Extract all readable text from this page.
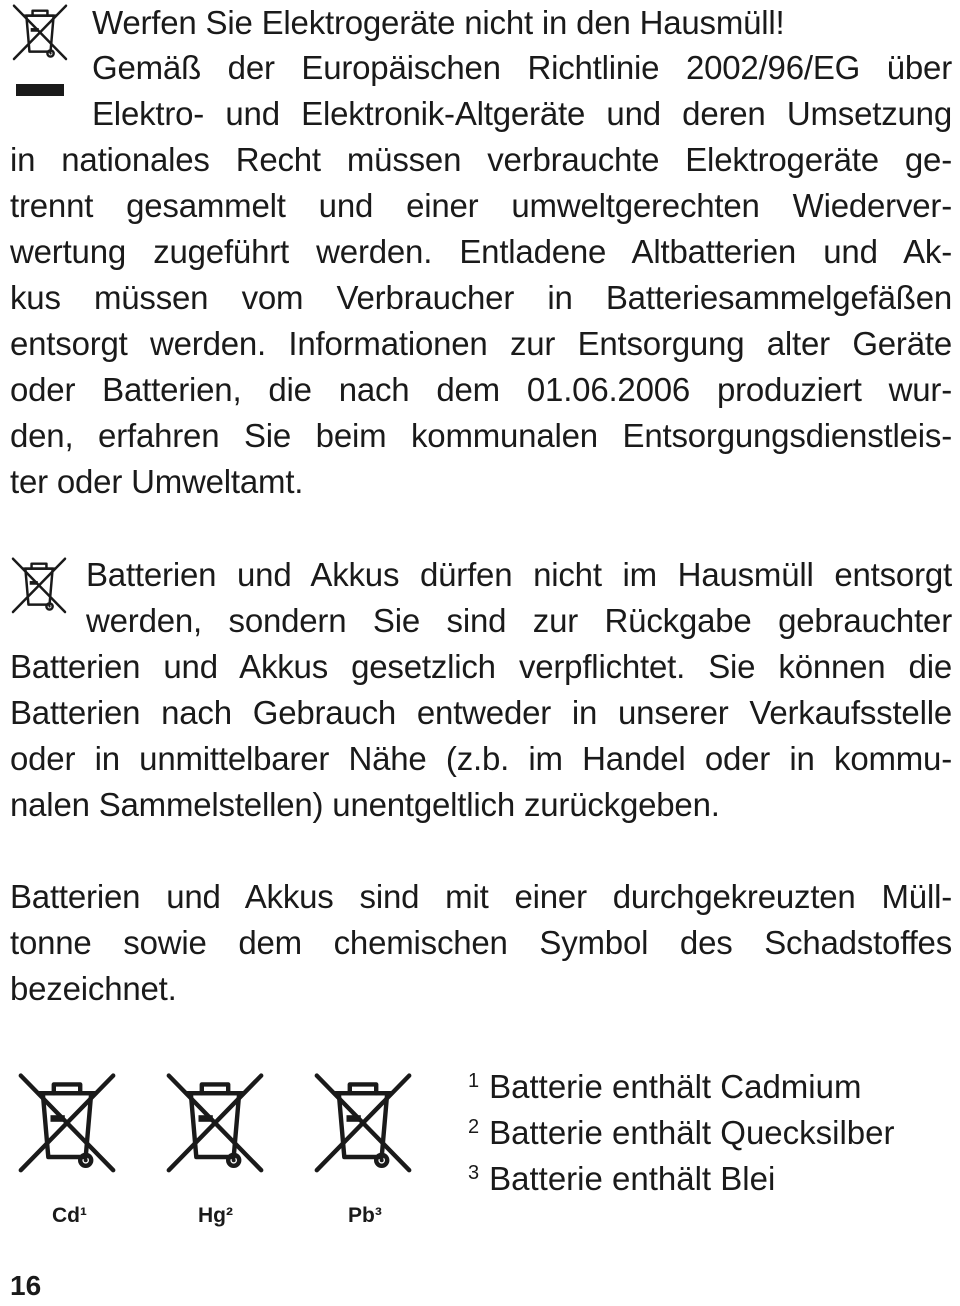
Werfen Sie Elektrogeräte nicht in den Hausmüll!
Gemäß der Europäischen Richtlinie 2002/96/EG über
Elektro- und Elektronik-Altgeräte und deren Umsetzung
in nationales Recht müssen verbrauchte Elektrogeräte ge-
trennt gesammelt und einer umweltgerechten Wiederver-
wertung zugeführt werden. Entladene Altbatterien und Ak-
kus müssen vom Verbraucher in Batteriesammelgefäßen
entsorgt werden. Informationen zur Entsorgung alter Geräte
oder Batterien, die nach dem 01.06.2006 produziert wur-
den, erfahren Sie beim kommunalen Entsorgungsdienstleis-
ter oder Umweltamt.
Batterien und Akkus dürfen nicht im Hausmüll entsorgt
werden, sondern Sie sind zur Rückgabe gebrauchter
Batterien und Akkus gesetzlich verpflichtet. Sie können die
Batterien nach Gebrauch entweder in unserer Verkaufsstelle
oder in unmittelbarer Nähe (z.b. im Handel oder in kommu-
nalen Sammelstellen) unentgeltlich zurückgeben.
Batterien und Akkus sind mit einer durchgekreuzten Müll-
tonne sowie dem chemischen Symbol des Schadstoffes
bezeichnet.
Cd¹	Hg²	Pb³
$^1$ Batterie enthält Cadmium
$^2$ Batterie enthält Quecksilber
$^3$ Batterie enthält Blei
16
